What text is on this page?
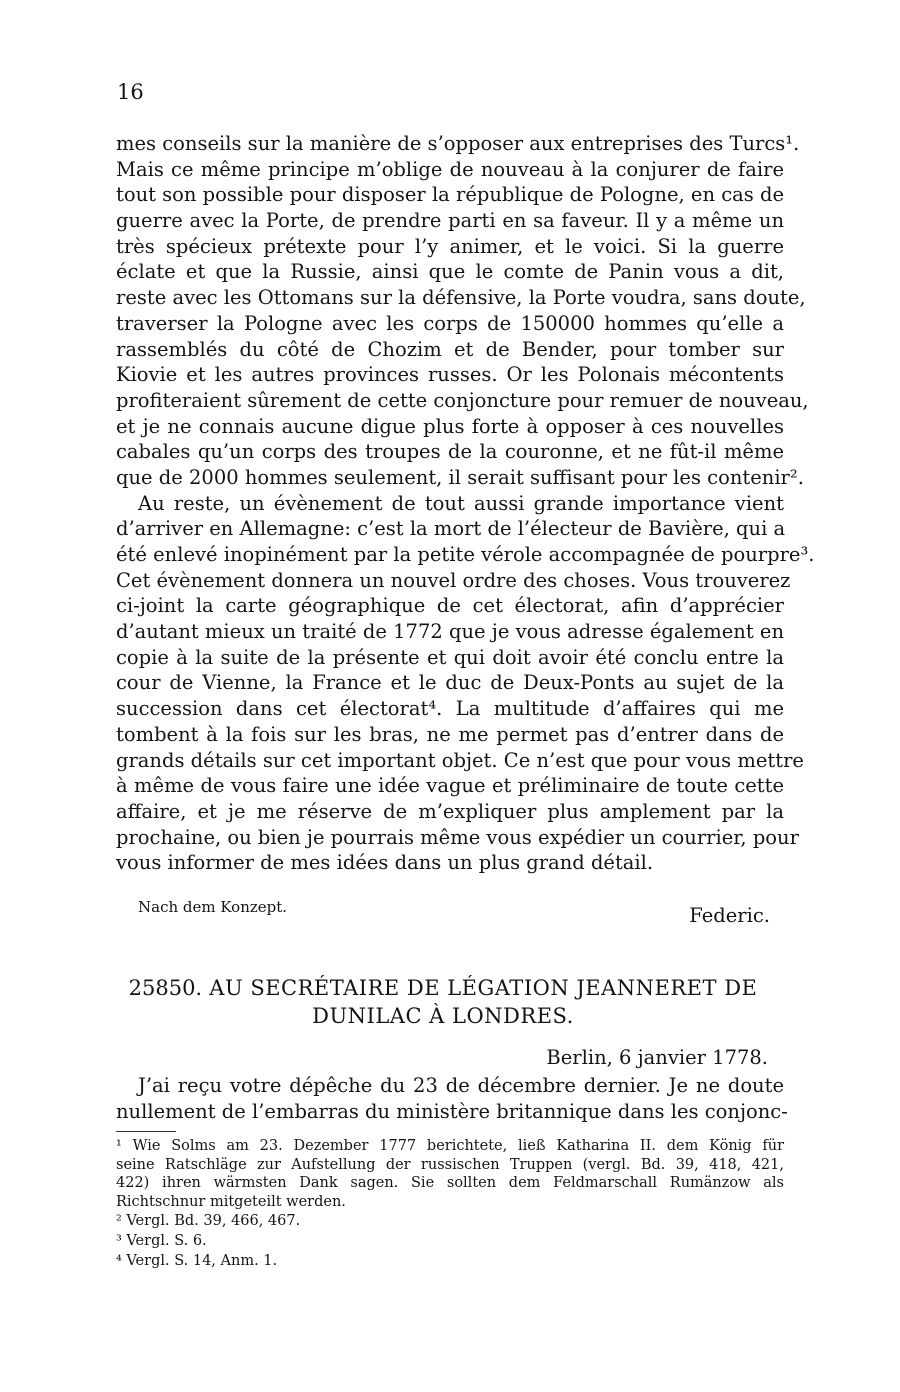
16
mes conseils sur la manière de s’opposer aux entreprises des Turcs¹.
Mais ce même principe m’oblige de nouveau à la conjurer de faire
tout son possible pour disposer la république de Pologne, en cas de
guerre avec la Porte, de prendre parti en sa faveur. Il y a même un
très spécieux prétexte pour l’y animer, et le voici. Si la guerre
éclate et que la Russie, ainsi que le comte de Panin vous a dit,
reste avec les Ottomans sur la défensive, la Porte voudra, sans doute,
traverser la Pologne avec les corps de 150000 hommes qu’elle a
rassemblés du côté de Chozim et de Bender, pour tomber sur
Kiovie et les autres provinces russes. Or les Polonais mécontents
profiteraient sûrement de cette conjoncture pour remuer de nouveau,
et je ne connais aucune digue plus forte à opposer à ces nouvelles
cabales qu’un corps des troupes de la couronne, et ne fût-il même
que de 2000 hommes seulement, il serait suffisant pour les contenir².
Au reste, un évènement de tout aussi grande importance vient
d’arriver en Allemagne: c’est la mort de l’électeur de Bavière, qui a
été enlevé inopinément par la petite vérole accompagnée de pourpre³.
Cet évènement donnera un nouvel ordre des choses. Vous trouverez
ci-joint la carte géographique de cet électorat, afin d’apprécier
d’autant mieux un traité de 1772 que je vous adresse également en
copie à la suite de la présente et qui doit avoir été conclu entre la
cour de Vienne, la France et le duc de Deux-Ponts au sujet de la
succession dans cet électorat⁴. La multitude d’affaires qui me
tombent à la fois sur les bras, ne me permet pas d’entrer dans de
grands détails sur cet important objet. Ce n’est que pour vous mettre
à même de vous faire une idée vague et préliminaire de toute cette
affaire, et je me réserve de m’expliquer plus amplement par la
prochaine, ou bien je pourrais même vous expédier un courrier, pour
vous informer de mes idées dans un plus grand détail.
Nach dem Konzept.	Federic.
25850. AU SECRÉTAIRE DE LÉGATION JEANNERET DE
DUNILAC À LONDRES.
Berlin, 6 janvier 1778.
J’ai reçu votre dépêche du 23 de décembre dernier. Je ne doute
nullement de l’embarras du ministère britannique dans les conjonc-
¹ Wie Solms am 23. Dezember 1777 berichtete, ließ Katharina II. dem König für
seine Ratschläge zur Aufstellung der russischen Truppen (vergl. Bd. 39, 418, 421,
422) ihren wärmsten Dank sagen. Sie sollten dem Feldmarschall Rumänzow als
Richtschnur mitgeteilt werden.
² Vergl. Bd. 39, 466, 467.
³ Vergl. S. 6.
⁴ Vergl. S. 14, Anm. 1.
